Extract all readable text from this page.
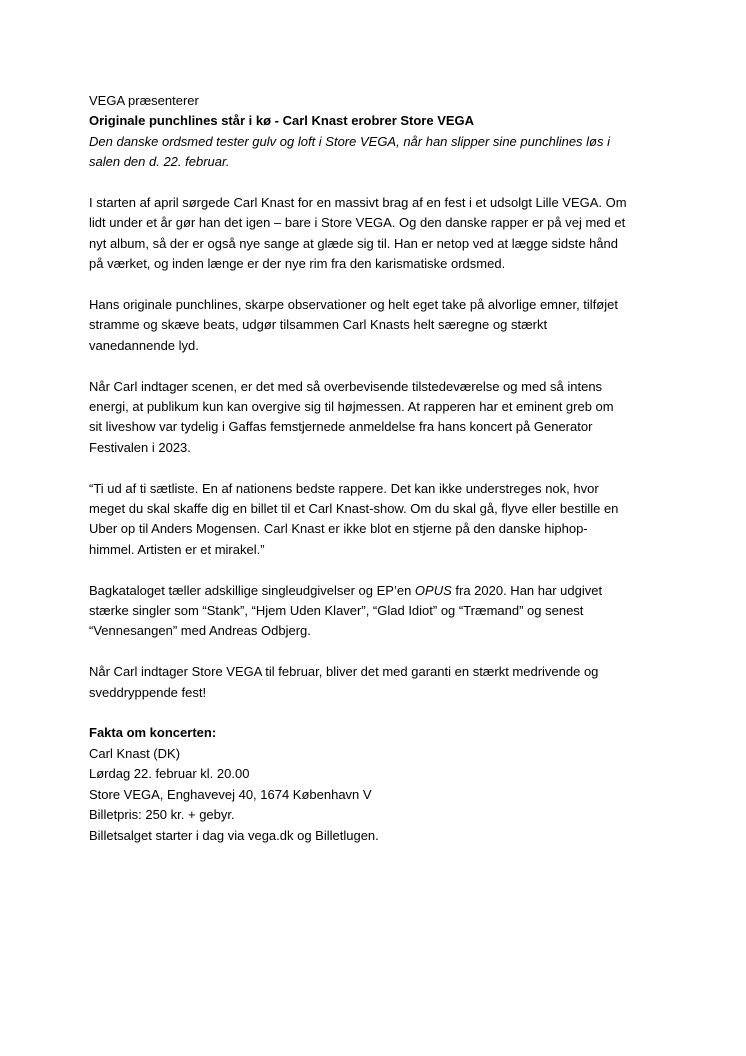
VEGA præsenterer
Originale punchlines står i kø - Carl Knast erobrer Store VEGA
Den danske ordsmed tester gulv og loft i Store VEGA, når han slipper sine punchlines løs i
salen den d. 22. februar.
I starten af april sørgede Carl Knast for en massivt brag af en fest i et udsolgt Lille VEGA. Om
lidt under et år gør han det igen – bare i Store VEGA. Og den danske rapper er på vej med et
nyt album, så der er også nye sange at glæde sig til. Han er netop ved at lægge sidste hånd
på værket, og inden længe er der nye rim fra den karismatiske ordsmed.
Hans originale punchlines, skarpe observationer og helt eget take på alvorlige emner, tilføjet
stramme og skæve beats, udgør tilsammen Carl Knasts helt særegne og stærkt
vanedannende lyd.
Når Carl indtager scenen, er det med så overbevisende tilstedeværelse og med så intens
energi, at publikum kun kan overgive sig til højmessen. At rapperen har et eminent greb om
sit liveshow var tydelig i Gaffas femstjernede anmeldelse fra hans koncert på Generator
Festivalen i 2023.
“Ti ud af ti sætliste. En af nationens bedste rappere. Det kan ikke understreges nok, hvor
meget du skal skaffe dig en billet til et Carl Knast-show. Om du skal gå, flyve eller bestille en
Uber op til Anders Mogensen. Carl Knast er ikke blot en stjerne på den danske hiphop-
himmel. Artisten er et mirakel.”
Bagkataloget tæller adskillige singleudgivelser og EP’en OPUS fra 2020. Han har udgivet
stærke singler som “Stank”, “Hjem Uden Klaver”, “Glad Idiot” og “Træmand” og senest
“Vennesangen” med Andreas Odbjerg.
Når Carl indtager Store VEGA til februar, bliver det med garanti en stærkt medrivende og
sveddryppende fest!
Fakta om koncerten:
Carl Knast (DK)
Lørdag 22. februar kl. 20.00
Store VEGA, Enghavevej 40, 1674 København V
Billetpris: 250 kr. + gebyr.
Billetsalget starter i dag via vega.dk og Billetlugen.
